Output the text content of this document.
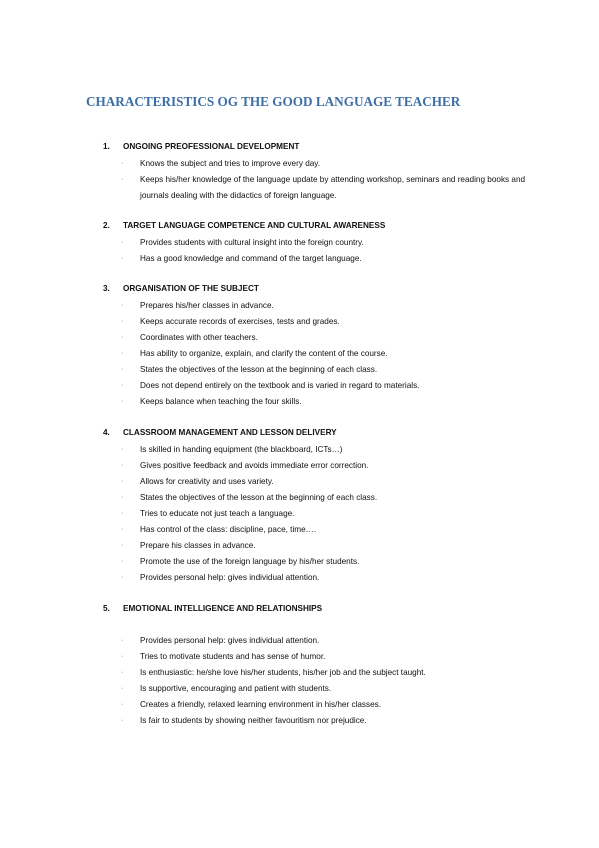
CHARACTERISTICS OG THE GOOD LANGUAGE TEACHER
1. ONGOING PREOFESSIONAL DEVELOPMENT
· Knows the subject and tries to improve every day.
· Keeps his/her knowledge of the language update by attending workshop, seminars and reading books and journals dealing with the didactics of foreign language.
2. TARGET LANGUAGE COMPETENCE AND CULTURAL AWARENESS
· Provides students with cultural insight into the foreign country.
· Has a good knowledge and command of the target language.
3. ORGANISATION OF THE SUBJECT
· Prepares his/her classes in advance.
· Keeps accurate records of exercises, tests and grades.
· Coordinates with other teachers.
· Has ability to organize, explain, and clarify the content of the course.
· States the objectives of the lesson at the beginning of each class.
· Does not depend entirely on the textbook and is varied in regard to materials.
· Keeps balance when teaching the four skills.
4. CLASSROOM MANAGEMENT AND LESSON DELIVERY
· Is skilled in handing equipment (the blackboard, ICTs…)
· Gives positive feedback and avoids immediate error correction.
· Allows for creativity and uses variety.
· States the objectives of the lesson at the beginning of each class.
· Tries to educate not just teach a language.
· Has control of the class: discipline, pace, time….
· Prepare his classes in advance.
· Promote the use of the foreign language by his/her students.
· Provides personal help: gives individual attention.
5. EMOTIONAL INTELLIGENCE AND RELATIONSHIPS
· Provides personal help: gives individual attention.
· Tries to motivate students and has sense of humor.
· Is enthusiastic: he/she love his/her students, his/her job and the subject taught.
· Is supportive, encouraging and patient with students.
· Creates a friendly, relaxed learning environment in his/her classes.
· Is fair to students by showing neither favouritism nor prejudice.
